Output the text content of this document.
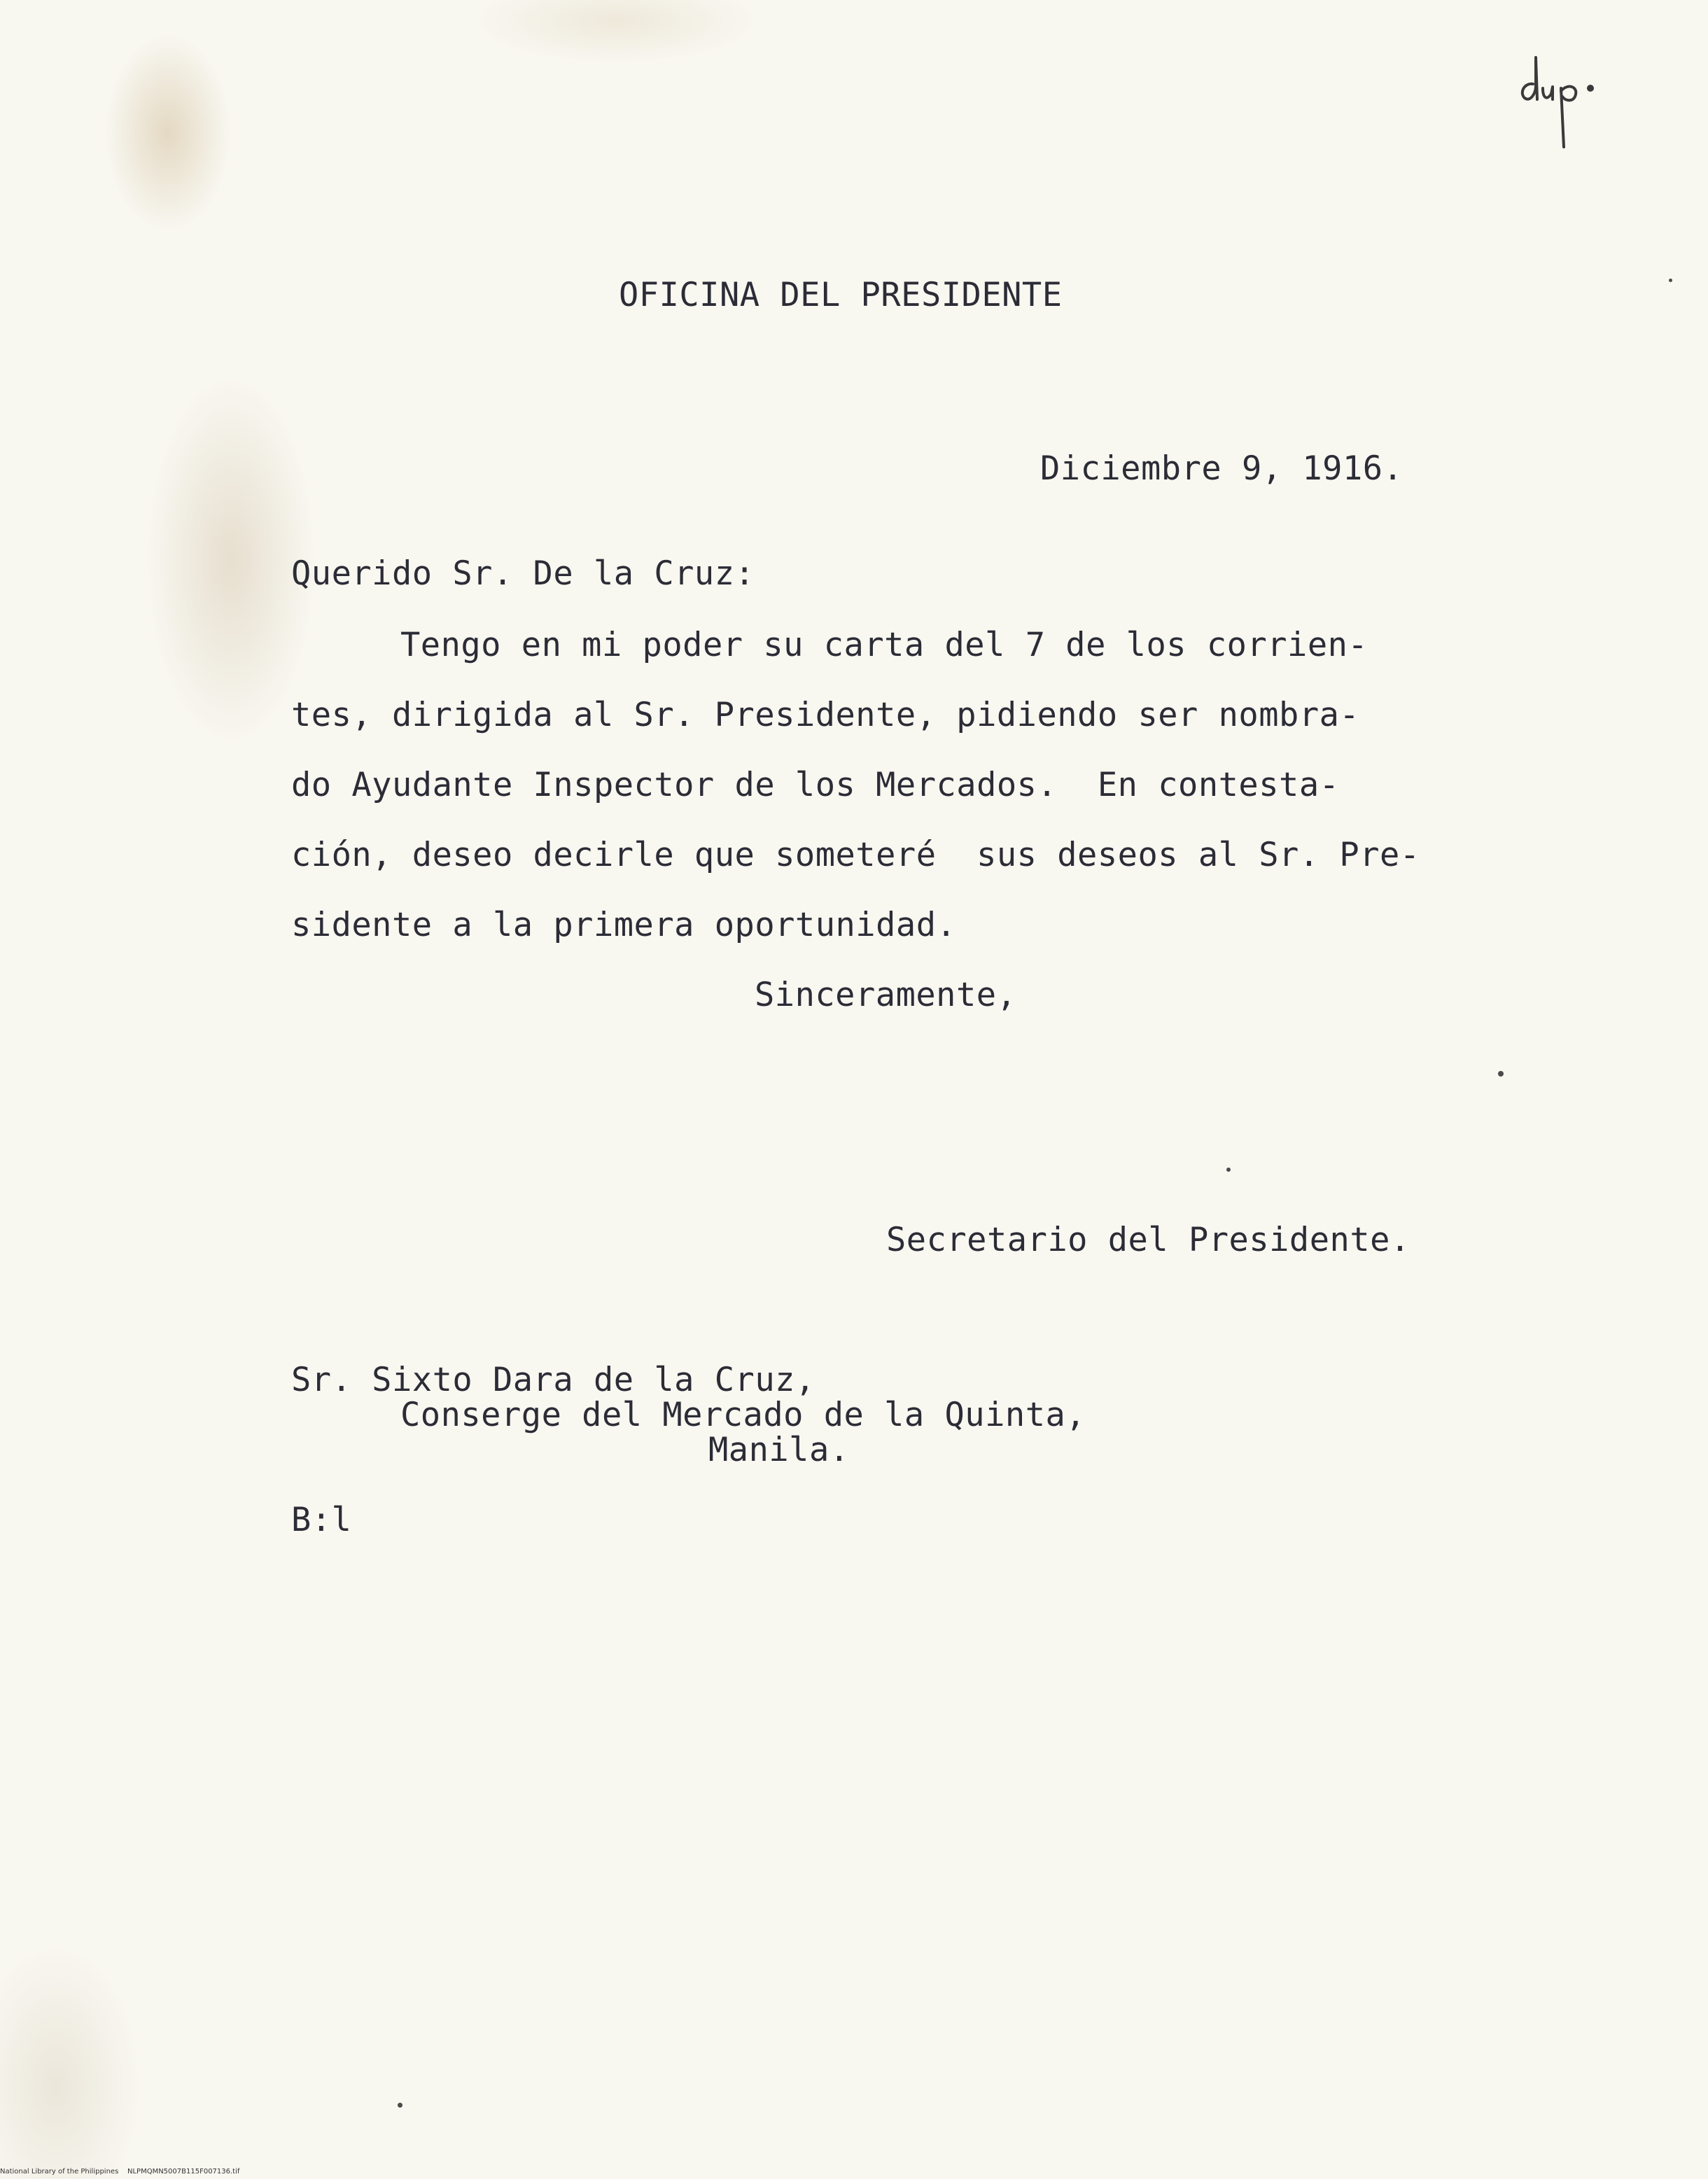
OFICINA DEL PRESIDENTE
Diciembre 9, 1916.
Querido Sr. De la Cruz:
Tengo en mi poder su carta del 7 de los corrien-
tes, dirigida al Sr. Presidente, pidiendo ser nombra-
do Ayudante Inspector de los Mercados.  En contesta-
ción, deseo decirle que someteré  sus deseos al Sr. Pre-
sidente a la primera oportunidad.
Sinceramente,
Secretario del Presidente.
Sr. Sixto Dara de la Cruz,
Conserge del Mercado de la Quinta,
Manila.
B:l
National Library of the Philippines    NLPMQMN5007B115F007136.tif
